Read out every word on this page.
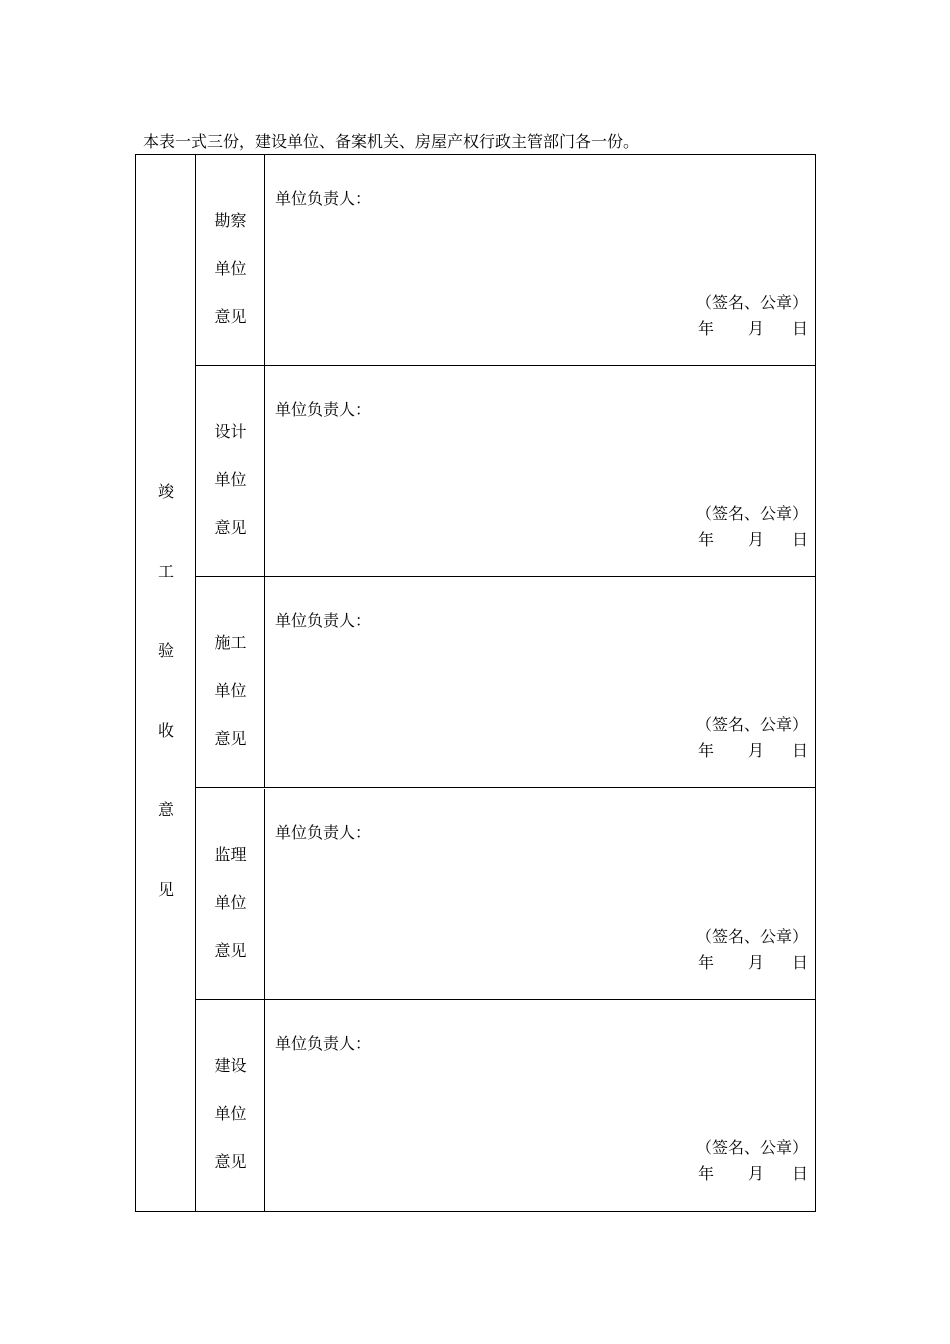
本表一式三份，建设单位、备案机关、房屋产权行政主管部门各一份。
竣
工
验
收
意
见
勘察
单位
意见
单位负责人：
（签名、公章）
年 月 日
设计
单位
意见
单位负责人：
（签名、公章）
年 月 日
施工
单位
意见
单位负责人：
（签名、公章）
年 月 日
监理
单位
意见
单位负责人：
（签名、公章）
年 月 日
建设
单位
意见
单位负责人：
（签名、公章）
年 月 日
